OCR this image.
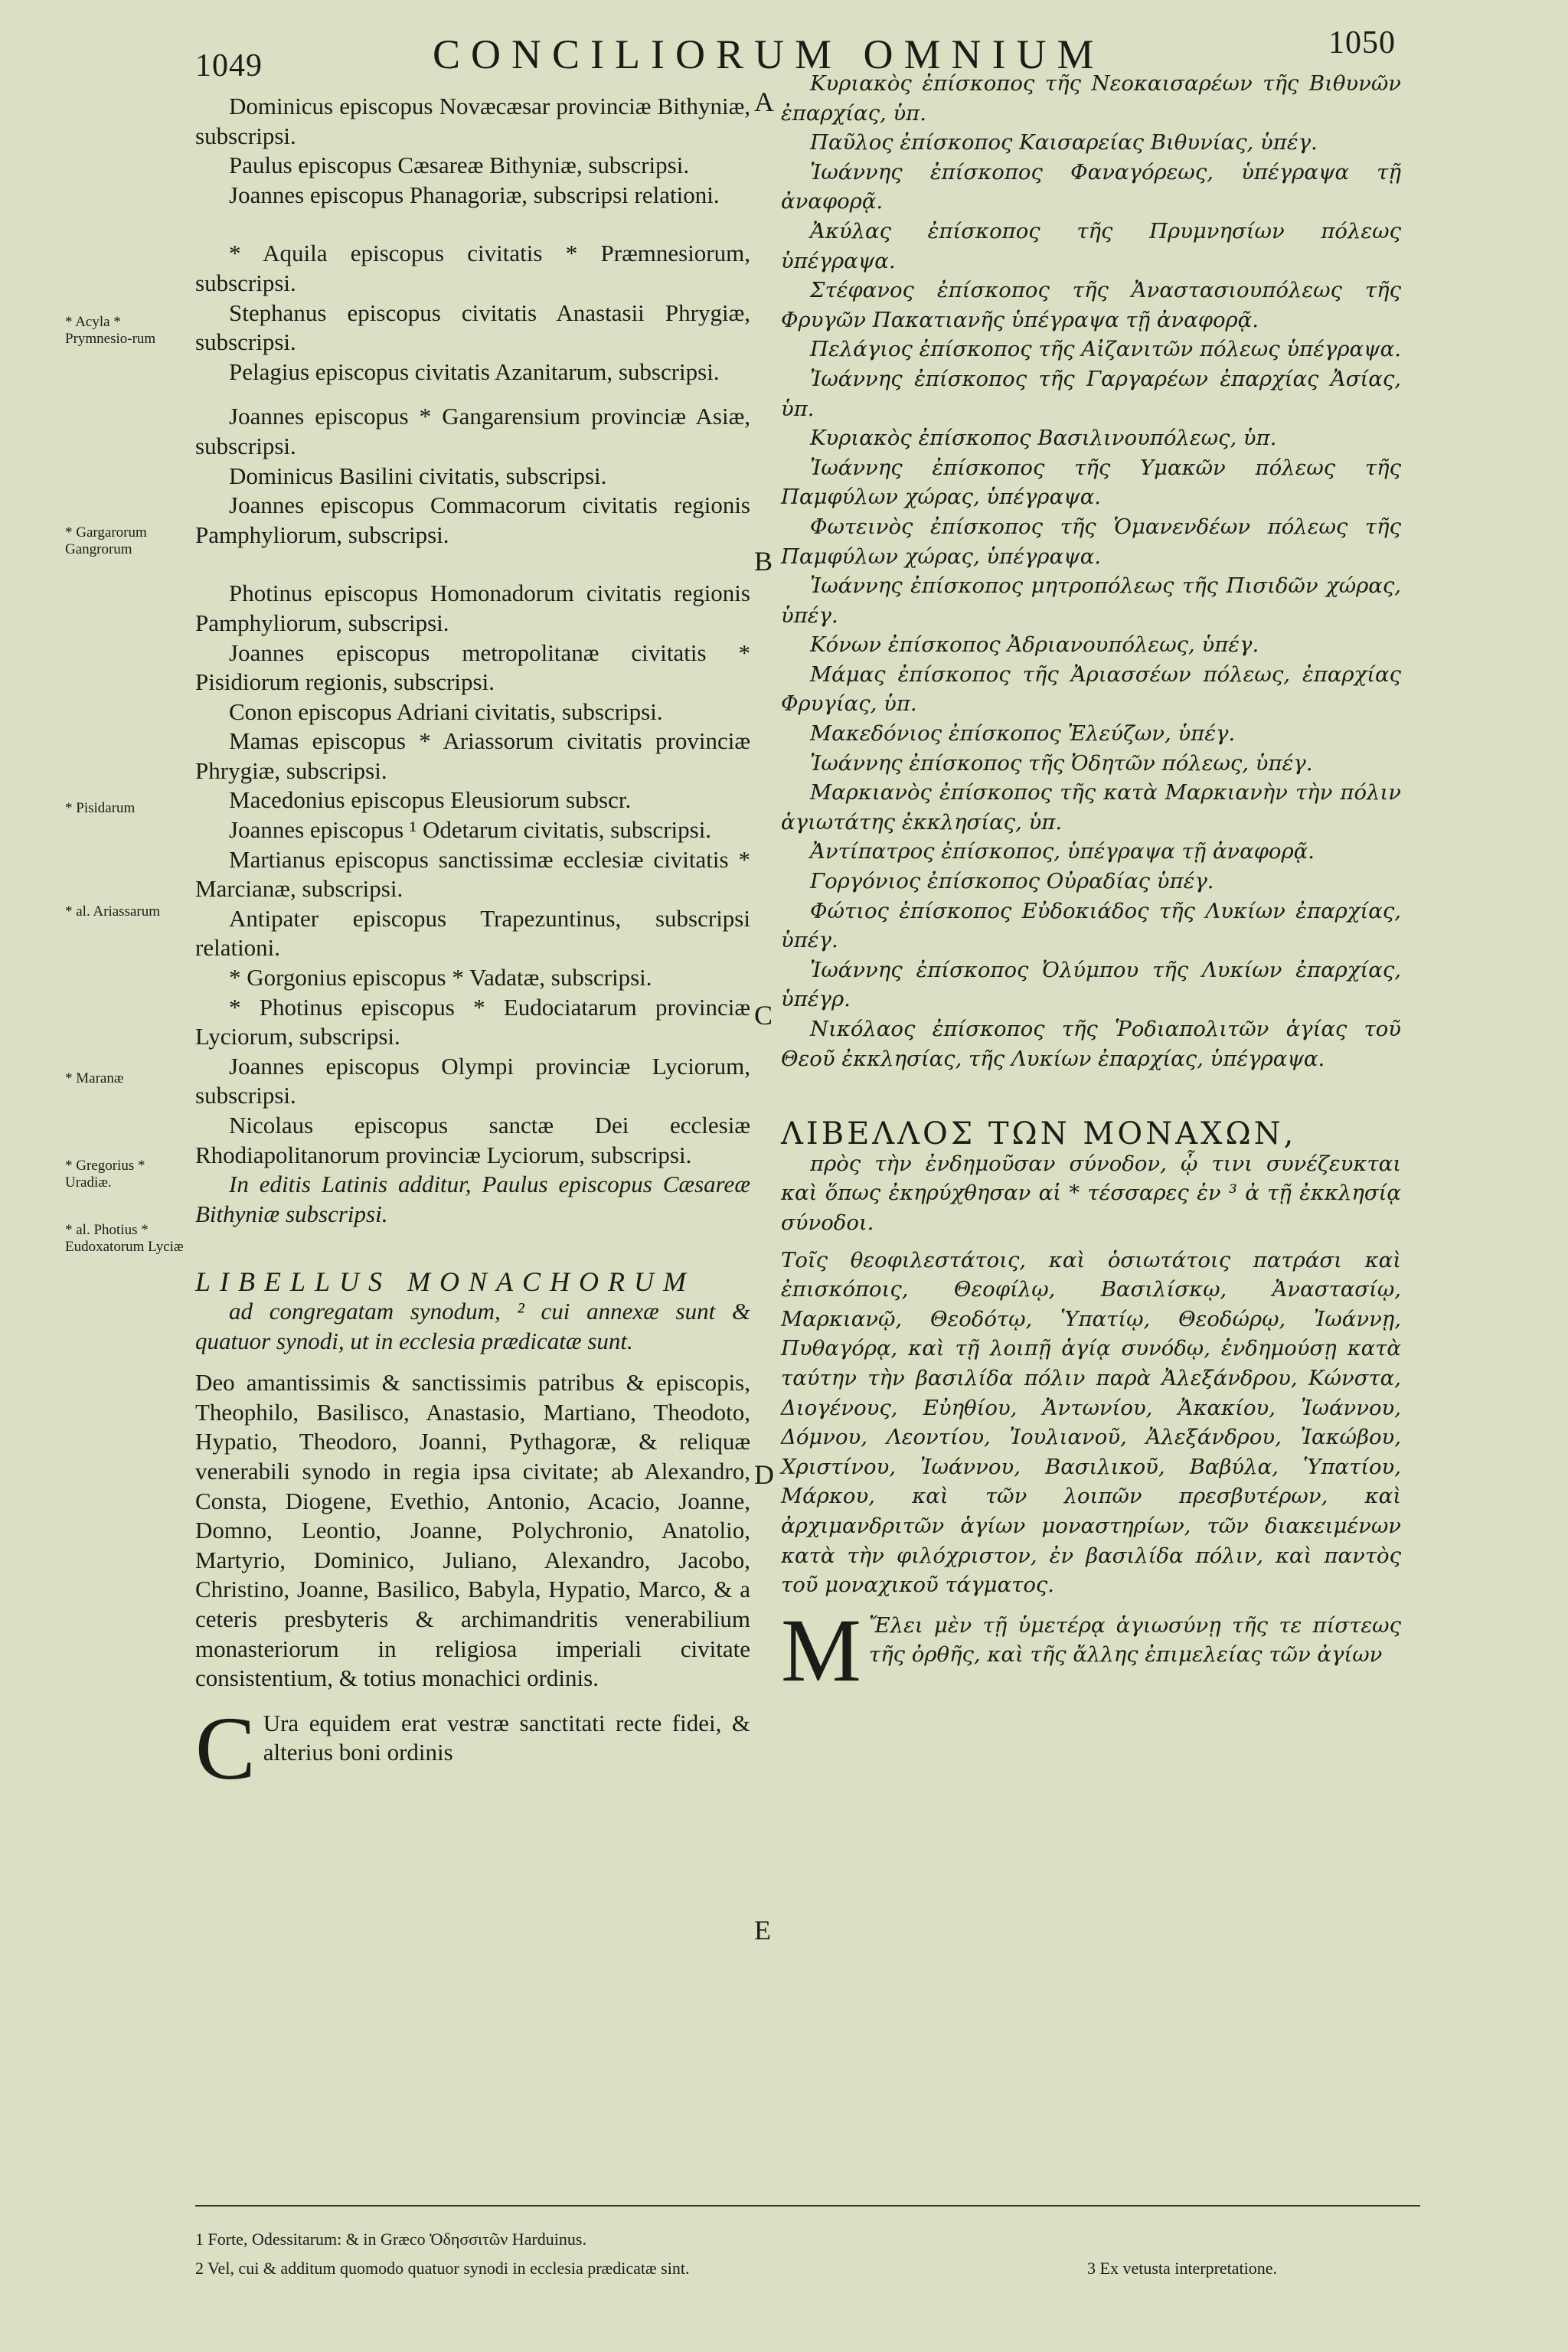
1049	CONCILIORUM OMNIUM	1050
A
B
C
D
E
* Acyla * Prymnesio-rum
* Gargarorum Gangrorum
* Pisidarum
* al. Ariassarum
* Maranæ
* Gregorius * Uradiæ.
* al. Photius * Eudoxatorum Lyciæ

Dominicus episcopus Novæcæsar provinciæ Bithyniæ, subscripsi.

Paulus episcopus Cæsareæ Bithyniæ, subscripsi.

Joannes episcopus Phanagoriæ, subscripsi relationi.

* Aquila episcopus civitatis * Præmnesiorum, subscripsi.

Stephanus episcopus civitatis Anastasii Phrygiæ, subscripsi.

Pelagius episcopus civitatis Azanitarum, subscripsi.

Joannes episcopus * Gangarensium provinciæ Asiæ, subscripsi.

Dominicus Basilini civitatis, subscripsi.

Joannes episcopus Commacorum civitatis regionis Pamphyliorum, subscripsi.

Photinus episcopus Homonadorum civitatis regionis Pamphyliorum, subscripsi.

Joannes episcopus metropolitanæ civitatis * Pisidiorum regionis, subscripsi.

Conon episcopus Adriani civitatis, subscripsi.

Mamas episcopus * Ariassorum civitatis provinciæ Phrygiæ, subscripsi.

Macedonius episcopus Eleusiorum subscr.

Joannes episcopus ¹ Odetarum civitatis, subscripsi.

Martianus episcopus sanctissimæ ecclesiæ civitatis * Marcianæ, subscripsi.

Antipater episcopus Trapezuntinus, subscripsi relationi.

* Gorgonius episcopus * Vadatæ, subscripsi.

* Photinus episcopus * Eudociatarum provinciæ Lyciorum, subscripsi.

Joannes episcopus Olympi provinciæ Lyciorum, subscripsi.

Nicolaus episcopus sanctæ Dei ecclesiæ Rhodiapolitanorum provinciæ Lyciorum, subscripsi.

In editis Latinis additur, Paulus episcopus Cæsareæ Bithyniæ subscripsi.

LIBELLUS MONACHORUM

ad congregatam synodum, ² cui annexæ sunt & quatuor synodi, ut in ecclesia prædicatæ sunt.

Deo amantissimis & sanctissimis patribus & episcopis, Theophilo, Basilisco, Anastasio, Martiano, Theodoto, Hypatio, Theodoro, Joanni, Pythagoræ, & reliquæ venerabili synodo in regia ipsa civitate; ab Alexandro, Consta, Diogene, Evethio, Antonio, Acacio, Joanne, Domno, Leontio, Joanne, Polychronio, Anatolio, Martyrio, Dominico, Juliano, Alexandro, Jacobo, Christino, Joanne, Basilico, Babyla, Hypatio, Marco, & a ceteris presbyteris & archimandritis venerabilium monasteriorum in religiosa imperiali civitate consistentium, & totius monachici ordinis.

C Ura equidem erat vestræ sanctitati recte fidei, & alterius boni ordinis

Κυριακὸς ἐπίσκοπος τῆς Νεοκαισαρέων τῆς Βιθυνῶν ἐπαρχίας, ὑπ.

Παῦλος ἐπίσκοπος Καισαρείας Βιθυνίας, ὑπέγ.

Ἰωάννης ἐπίσκοπος Φαναγόρεως, ὑπέγραψα τῇ ἀναφορᾷ.

Ἀκύλας ἐπίσκοπος τῆς Πρυμνησίων πόλεως ὑπέγραψα.

Στέφανος ἐπίσκοπος τῆς Ἀναστασιουπόλεως τῆς Φρυγῶν Πακατιανῆς ὑπέγραψα τῇ ἀναφορᾷ.

Πελάγιος ἐπίσκοπος τῆς Αἰζανιτῶν πόλεως ὑπέγραψα.

Ἰωάννης ἐπίσκοπος τῆς Γαργαρέων ἐπαρχίας Ἀσίας, ὑπ.

Κυριακὸς ἐπίσκοπος Βασιλινουπόλεως, ὑπ.

Ἰωάννης ἐπίσκοπος τῆς Υμακῶν πόλεως τῆς Παμφύλων χώρας, ὑπέγραψα.

Φωτεινὸς ἐπίσκοπος τῆς Ὁμανενδέων πόλεως τῆς Παμφύλων χώρας, ὑπέγραψα.

Ἰωάννης ἐπίσκοπος μητροπόλεως τῆς Πισιδῶν χώρας, ὑπέγ.

Κόνων ἐπίσκοπος Ἀδριανουπόλεως, ὑπέγ.

Μάμας ἐπίσκοπος τῆς Ἀριασσέων πόλεως, ἐπαρχίας Φρυγίας, ὑπ.

Μακεδόνιος ἐπίσκοπος Ἐλεύζων, ὑπέγ.

Ἰωάννης ἐπίσκοπος τῆς Ὀδητῶν πόλεως, ὑπέγ.

Μαρκιανὸς ἐπίσκοπος τῆς κατὰ Μαρκιανὴν τὴν πόλιν ἁγιωτάτης ἐκκλησίας, ὑπ.

Ἀντίπατρος ἐπίσκοπος, ὑπέγραψα τῇ ἀναφορᾷ.

Γοργόνιος ἐπίσκοπος Οὐραδίας ὑπέγ.

Φώτιος ἐπίσκοπος Εὐδοκιάδος τῆς Λυκίων ἐπαρχίας, ὑπέγ.

Ἰωάννης ἐπίσκοπος Ὀλύμπου τῆς Λυκίων ἐπαρχίας, ὑπέγρ.

Νικόλαος ἐπίσκοπος τῆς Ῥοδιαπολιτῶν ἁγίας τοῦ Θεοῦ ἐκκλησίας, τῆς Λυκίων ἐπαρχίας, ὑπέγραψα.

ΛΙΒΕΛΛΟΣ ΤΩΝ ΜΟΝΑΧΩΝ,

πρὸς τὴν ἐνδημοῦσαν σύνοδον, ᾧ τινι συνέζευκται καὶ ὅπως ἐκηρύχθησαν αἱ * τέσσαρες ἐν ³ ἀ τῇ ἐκκλησίᾳ σύνοδοι.

Τοῖς θεοφιλεστάτοις, καὶ ὁσιωτάτοις πατράσι καὶ ἐπισκόποις, Θεοφίλῳ, Βασιλίσκῳ, Ἀναστασίῳ, Μαρκιανῷ, Θεοδότῳ, Ὑπατίῳ, Θεοδώρῳ, Ἰωάννῃ, Πυθαγόρᾳ, καὶ τῇ λοιπῇ ἁγίᾳ συνόδῳ, ἐνδημούσῃ κατὰ ταύτην τὴν βασιλίδα πόλιν παρὰ Ἀλεξάνδρου, Κώνστα, Διογένους, Εὐηθίου, Ἀντωνίου, Ἀκακίου, Ἰωάννου, Δόμνου, Λεοντίου, Ἰουλιανοῦ, Ἀλεξάνδρου, Ἰακώβου, Χριστίνου, Ἰωάννου, Βασιλικοῦ, Βαβύλα, Ὑπατίου, Μάρκου, καὶ τῶν λοιπῶν πρεσβυτέρων, καὶ ἀρχιμανδριτῶν ἁγίων μοναστηρίων, τῶν διακειμένων κατὰ τὴν φιλόχριστον, ἐν βασιλίδα πόλιν, καὶ παντὸς τοῦ μοναχικοῦ τάγματος.

Μ Ἔλει μὲν τῇ ὑμετέρᾳ ἁγιωσύνῃ τῆς τε πίστεως τῆς ὀρθῆς, καὶ τῆς ἄλλης ἐπιμελείας τῶν ἀγίων

1 Forte, Odessitarum: & in Græco Ὀδησσιτῶν Harduinus.
2 Vel, cui & additum quomodo quatuor synodi in ecclesia prædicatæ sint.	3 Ex vetusta interpretatione.
